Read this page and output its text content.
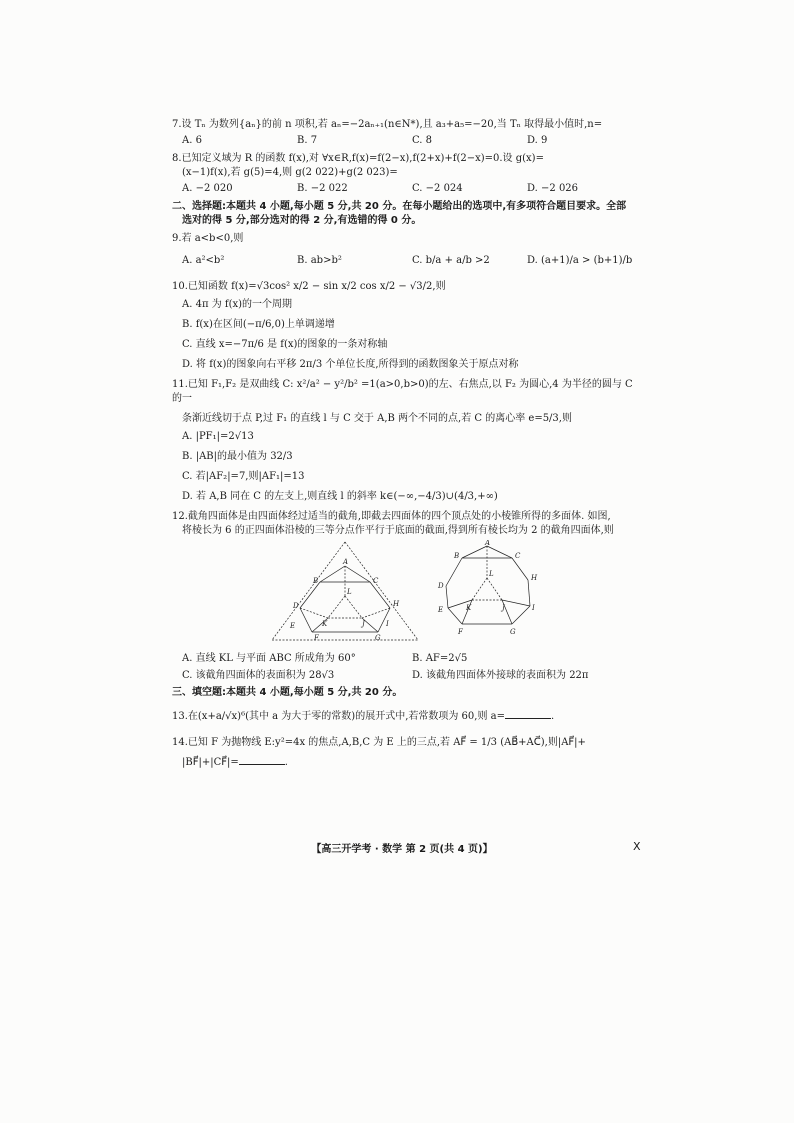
7.设 Tₙ 为数列{aₙ}的前 n 项积,若 aₙ=−2aₙ₊₁(n∈N*),且 a₃+a₅=−20,当 Tₙ 取得最小值时,n=
A. 6	B. 7	C. 8	D. 9
8.已知定义域为 R 的函数 f(x),对 ∀x∈R,f(x)=f(2−x),f(2+x)+f(2−x)=0.设 g(x)=
(x−1)f(x),若 g(5)=4,则 g(2 022)+g(2 023)=
A. −2 020	B. −2 022	C. −2 024	D. −2 026
二、选择题:本题共 4 小题,每小题 5 分,共 20 分。在每小题给出的选项中,有多项符合题目要求。全部
选对的得 5 分,部分选对的得 2 分,有选错的得 0 分。
9.若 a<b<0,则
A. a²<b²	B. ab>b²	C. b/a + a/b >2	D. (a+1)/a > (b+1)/b
10.已知函数 f(x)=√3cos² x/2 − sin x/2 cos x/2 − √3/2,则
A. 4π 为 f(x)的一个周期
B. f(x)在区间(−π/6,0)上单调递增
C. 直线 x=−7π/6 是 f(x)的图象的一条对称轴
D. 将 f(x)的图象向右平移 2π/3 个单位长度,所得到的函数图象关于原点对称
11.已知 F₁,F₂ 是双曲线 C: x²/a² − y²/b² =1(a>0,b>0)的左、右焦点,以 F₂ 为圆心,4 为半径的圆与 C 的一
条渐近线切于点 P,过 F₁ 的直线 l 与 C 交于 A,B 两个不同的点,若 C 的离心率 e=5/3,则
A. |PF₁|=2√13
B. |AB|的最小值为 32/3
C. 若|AF₂|=7,则|AF₁|=13
D. 若 A,B 同在 C 的左支上,则直线 l 的斜率 k∈(−∞,−4/3)∪(4/3,+∞)
12.截角四面体是由四面体经过适当的截角,即截去四面体的四个顶点处的小棱锥所得的多面体. 如图,
将棱长为 6 的正四面体沿棱的三等分点作平行于底面的截面,得到所有棱长均为 2 的截角四面体,则
A
B	C
D
E
F	G
H
I
J
K
L
A
B	C
D
E
F	G
H
I
J
K
L
A. 直线 KL 与平面 ABC 所成角为 60°	B. AF=2√5
C. 该截角四面体的表面积为 28√3	D. 该截角四面体外接球的表面积为 22π
三、填空题:本题共 4 小题,每小题 5 分,共 20 分。
13.在(x+a/√x)⁶(其中 a 为大于零的常数)的展开式中,若常数项为 60,则 a=	.
14.已知 F 为抛物线 E:y²=4x 的焦点,A,B,C 为 E 上的三点,若 AF⃗ = 1/3 (AB⃗+AC⃗),则|AF⃗|+
|BF⃗|+|CF⃗|=	.
【高三开学考 · 数学 第 2 页(共 4 页)】	X
